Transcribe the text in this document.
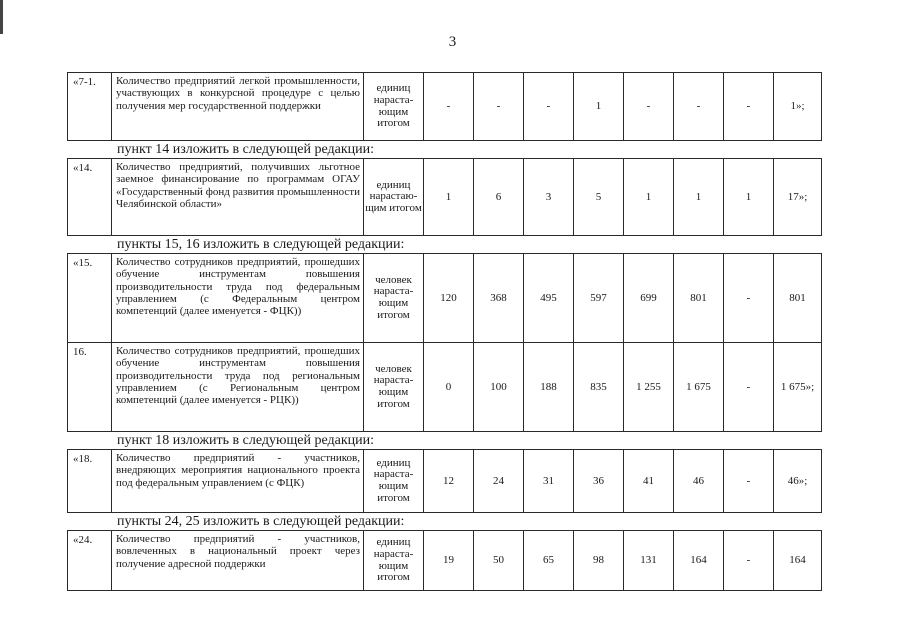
3
«7-1.	Количество предприятий легкой промышленности, участвующих в конкурсной процедуре с целью получения мер государственной поддержки	единиц нараста-ющим итогом	-	-	-	1	-	-	-	1»;
пункт 14 изложить в следующей редакции:
«14.	Количество предприятий, получивших льготное заемное финансирование по программам ОГАУ «Государственный фонд развития промышленности Челябинской области»	единиц нарастаю-щим итогом	1	6	3	5	1	1	1	17»;
пункты 15, 16 изложить в следующей редакции:
«15.	Количество сотрудников предприятий, прошедших обучение инструментам повышения производительности труда под федеральным управлением (с Федеральным центром компетенций (далее именуется - ФЦК))	человек нараста-ющим итогом	120	368	495	597	699	801	-	801
16.	Количество сотрудников предприятий, прошедших обучение инструментам повышения производительности труда под региональным управлением (с Региональным центром компетенций (далее именуется - РЦК))	человек нараста-ющим итогом	0	100	188	835	1 255	1 675	-	1 675»;
пункт 18 изложить в следующей редакции:
«18.	Количество предприятий - участников, внедряющих мероприятия национального проекта под федеральным управлением (с ФЦК)	единиц нараста-ющим итогом	12	24	31	36	41	46	-	46»;
пункты 24, 25 изложить в следующей редакции:
«24.	Количество предприятий - участников, вовлеченных в национальный проект через получение адресной поддержки	единиц нараста-ющим итогом	19	50	65	98	131	164	-	164
